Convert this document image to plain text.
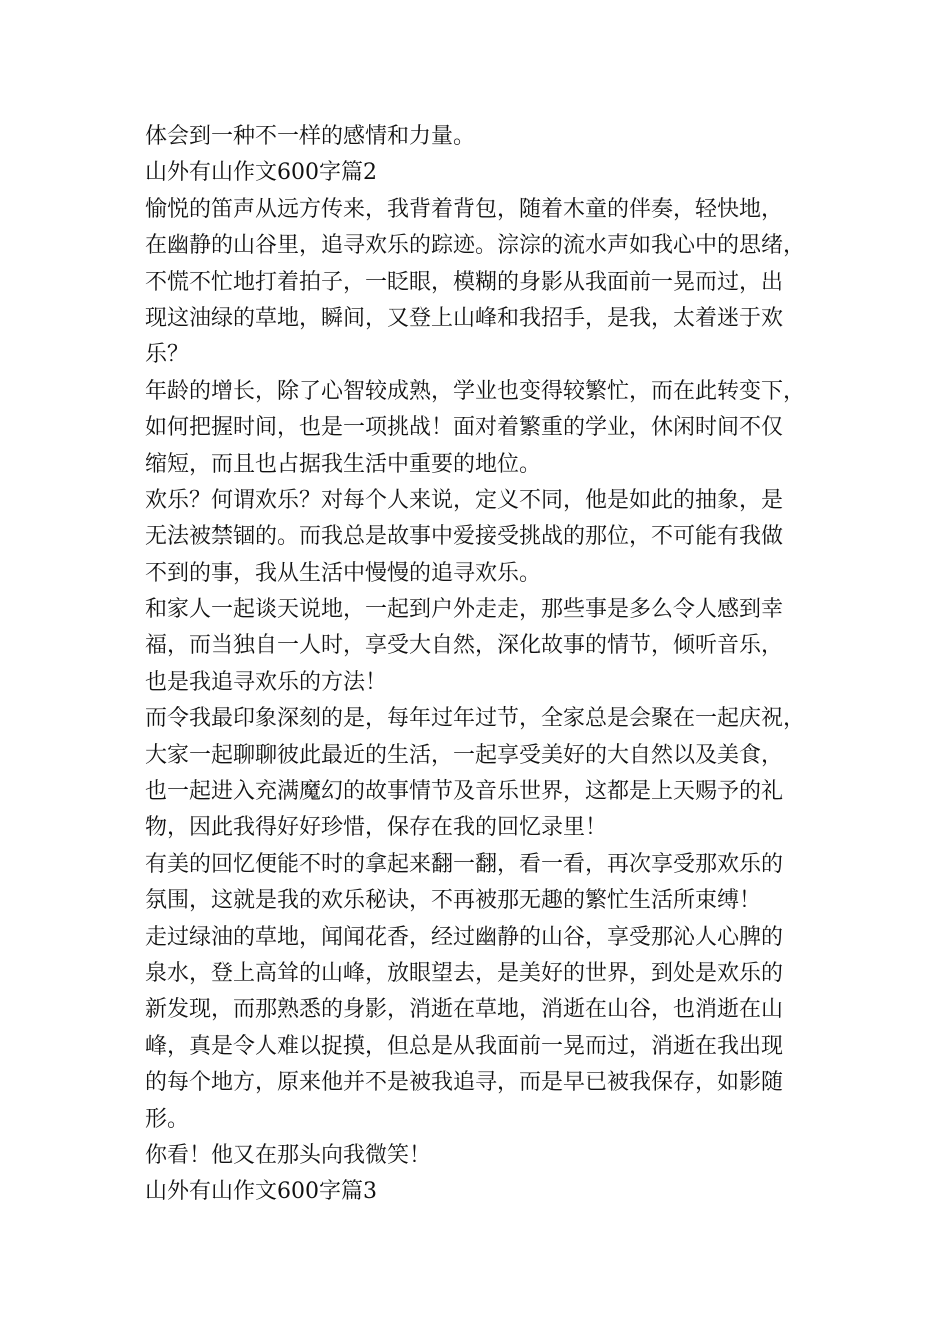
体会到一种不一样的感情和力量。
山外有山作文600字篇2
愉悦的笛声从远方传来，我背着背包，随着木童的伴奏，轻快地，
在幽静的山谷里，追寻欢乐的踪迹。淙淙的流水声如我心中的思绪，
不慌不忙地打着拍子，一眨眼，模糊的身影从我面前一晃而过，出
现这油绿的草地，瞬间，又登上山峰和我招手，是我，太着迷于欢
乐？
年龄的增长，除了心智较成熟，学业也变得较繁忙，而在此转变下，
如何把握时间，也是一项挑战！面对着繁重的学业，休闲时间不仅
缩短，而且也占据我生活中重要的地位。
欢乐？何谓欢乐？对每个人来说，定义不同，他是如此的抽象，是
无法被禁锢的。而我总是故事中爱接受挑战的那位，不可能有我做
不到的事，我从生活中慢慢的追寻欢乐。
和家人一起谈天说地，一起到户外走走，那些事是多么令人感到幸
福，而当独自一人时，享受大自然，深化故事的情节，倾听音乐，
也是我追寻欢乐的方法！
而令我最印象深刻的是，每年过年过节，全家总是会聚在一起庆祝，
大家一起聊聊彼此最近的生活，一起享受美好的大自然以及美食，
也一起进入充满魔幻的故事情节及音乐世界，这都是上天赐予的礼
物，因此我得好好珍惜，保存在我的回忆录里！
有美的回忆便能不时的拿起来翻一翻，看一看，再次享受那欢乐的
氛围，这就是我的欢乐秘诀，不再被那无趣的繁忙生活所束缚！
走过绿油的草地，闻闻花香，经过幽静的山谷，享受那沁人心脾的
泉水，登上高耸的山峰，放眼望去，是美好的世界，到处是欢乐的
新发现，而那熟悉的身影，消逝在草地，消逝在山谷，也消逝在山
峰，真是令人难以捉摸，但总是从我面前一晃而过，消逝在我出现
的每个地方，原来他并不是被我追寻，而是早已被我保存，如影随
形。
你看！他又在那头向我微笑！
山外有山作文600字篇3
